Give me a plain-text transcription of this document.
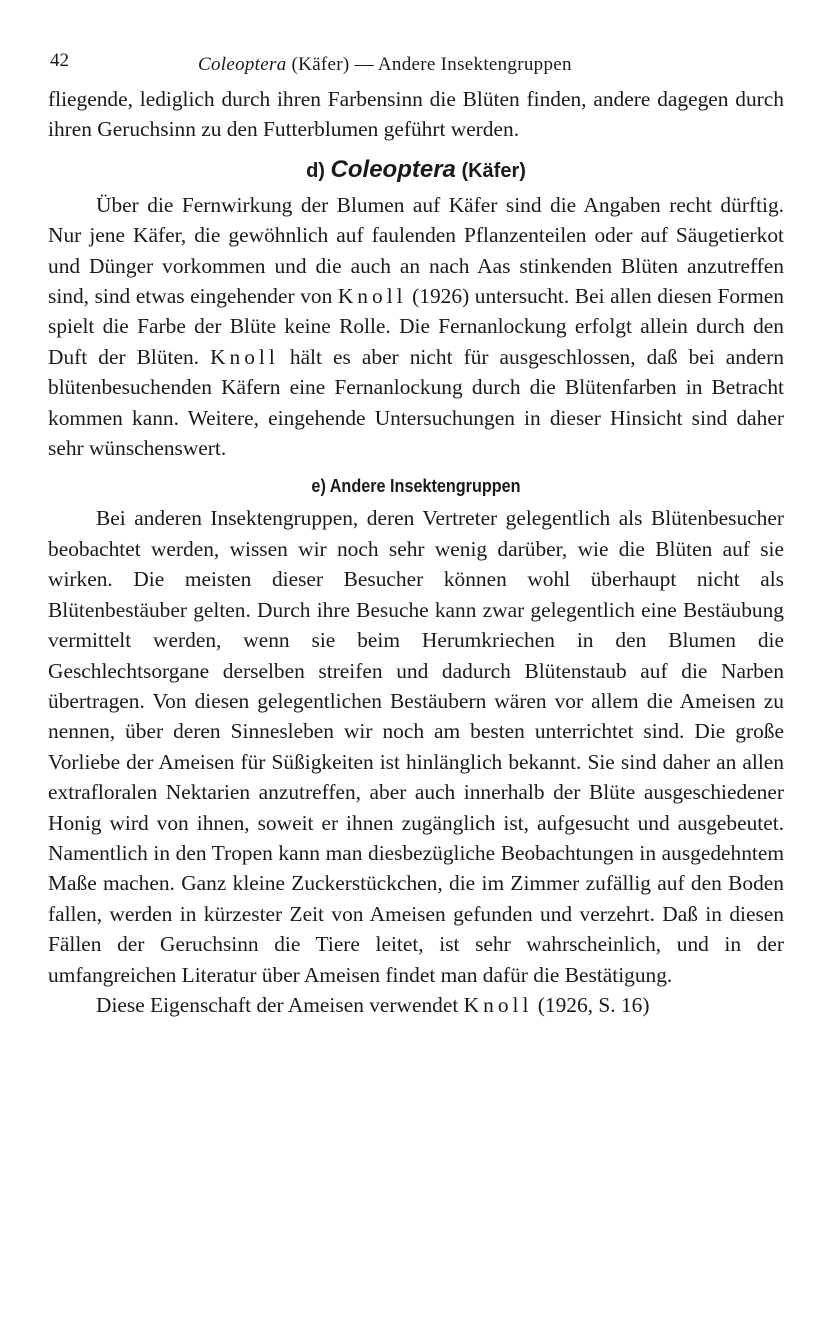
42	Coleoptera (Käfer) — Andere Insektengruppen

fliegende, lediglich durch ihren Farbensinn die Blüten finden, andere dagegen durch ihren Geruchsinn zu den Futterblumen geführt werden.

d) Coleoptera (Käfer)

Über die Fernwirkung der Blumen auf Käfer sind die Angaben recht dürftig. Nur jene Käfer, die gewöhnlich auf faulenden Pflanzenteilen oder auf Säugetierkot und Dünger vorkommen und die auch an nach Aas stinkenden Blüten anzutreffen sind, sind etwas eingehender von Knoll (1926) untersucht. Bei allen diesen Formen spielt die Farbe der Blüte keine Rolle. Die Fernanlockung erfolgt allein durch den Duft der Blüten. Knoll hält es aber nicht für ausgeschlossen, daß bei andern blütenbesuchenden Käfern eine Fernanlockung durch die Blütenfarben in Betracht kommen kann. Weitere, eingehende Untersuchungen in dieser Hinsicht sind daher sehr wünschenswert.

e) Andere Insektengruppen

Bei anderen Insektengruppen, deren Vertreter gelegentlich als Blütenbesucher beobachtet werden, wissen wir noch sehr wenig darüber, wie die Blüten auf sie wirken. Die meisten dieser Besucher können wohl überhaupt nicht als Blütenbestäuber gelten. Durch ihre Besuche kann zwar gelegentlich eine Bestäubung vermittelt werden, wenn sie beim Herumkriechen in den Blumen die Geschlechtsorgane derselben streifen und dadurch Blütenstaub auf die Narben übertragen. Von diesen gelegentlichen Bestäubern wären vor allem die Ameisen zu nennen, über deren Sinnesleben wir noch am besten unterrichtet sind. Die große Vorliebe der Ameisen für Süßigkeiten ist hinlänglich bekannt. Sie sind daher an allen extrafloralen Nektarien anzutreffen, aber auch innerhalb der Blüte ausgeschiedener Honig wird von ihnen, soweit er ihnen zugänglich ist, aufgesucht und ausgebeutet. Namentlich in den Tropen kann man diesbezügliche Beobachtungen in ausgedehntem Maße machen. Ganz kleine Zuckerstückchen, die im Zimmer zufällig auf den Boden fallen, werden in kürzester Zeit von Ameisen gefunden und verzehrt. Daß in diesen Fällen der Geruchsinn die Tiere leitet, ist sehr wahrscheinlich, und in der umfangreichen Literatur über Ameisen findet man dafür die Bestätigung.

Diese Eigenschaft der Ameisen verwendet Knoll (1926, S. 16)
